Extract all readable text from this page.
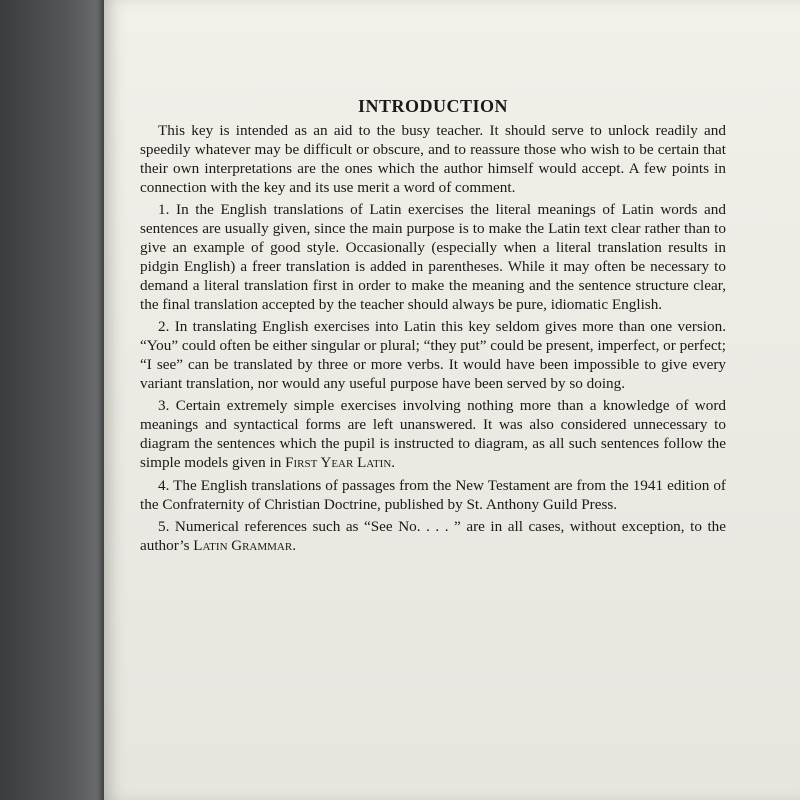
INTRODUCTION

This key is intended as an aid to the busy teacher. It should serve to unlock readily and speedily whatever may be difficult or obscure, and to reassure those who wish to be certain that their own interpretations are the ones which the author himself would accept. A few points in connection with the key and its use merit a word of comment.

1. In the English translations of Latin exercises the literal meanings of Latin words and sentences are usually given, since the main purpose is to make the Latin text clear rather than to give an example of good style. Occasionally (especially when a literal translation results in pidgin English) a freer translation is added in parentheses. While it may often be necessary to demand a literal translation first in order to make the meaning and the sentence structure clear, the final translation accepted by the teacher should always be pure, idiomatic English.

2. In translating English exercises into Latin this key seldom gives more than one version. “You” could often be either singular or plural; “they put” could be present, imperfect, or perfect; “I see” can be translated by three or more verbs. It would have been impossible to give every variant translation, nor would any useful purpose have been served by so doing.

3. Certain extremely simple exercises involving nothing more than a knowledge of word meanings and syntactical forms are left unanswered. It was also considered unnecessary to diagram the sentences which the pupil is instructed to diagram, as all such sentences follow the simple models given in First Year Latin.

4. The English translations of passages from the New Testament are from the 1941 edition of the Confraternity of Christian Doctrine, published by St. Anthony Guild Press.

5. Numerical references such as “See No. . . . ” are in all cases, without exception, to the author’s Latin Grammar.
